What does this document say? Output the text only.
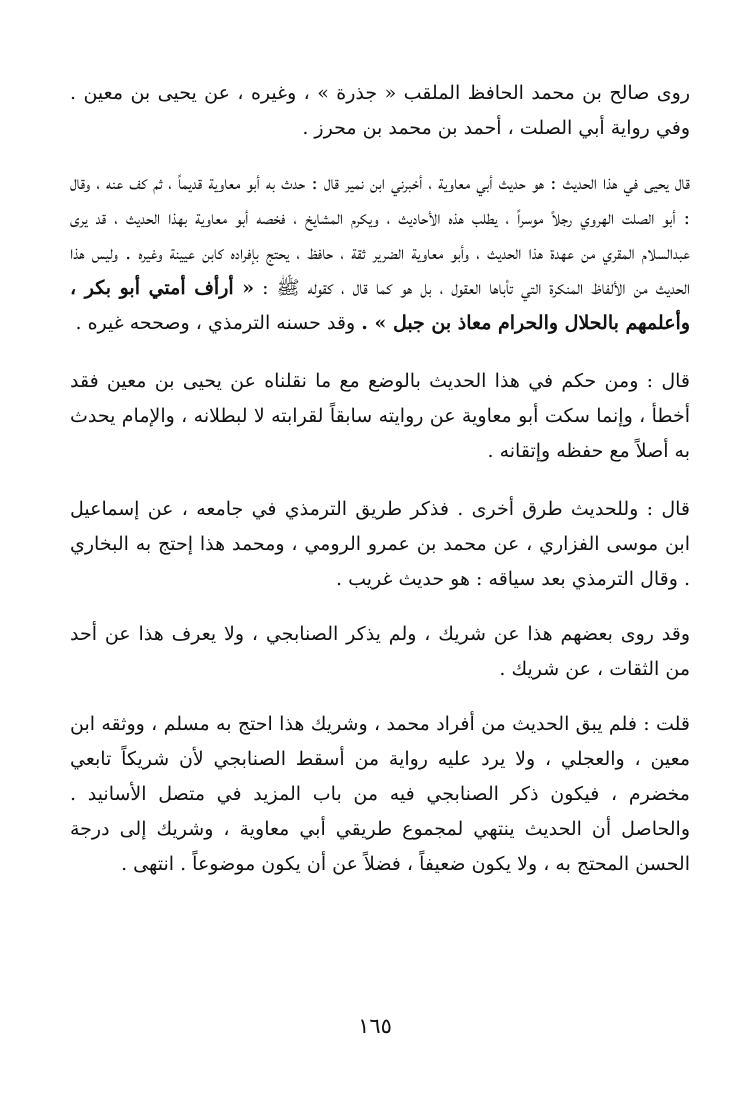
روى صالح بن محمد الحافظ الملقب « جذرة » ، وغيره ، عن يحيى بن معين . وفي رواية أبي الصلت ، أحمد بن محمد بن محرز .

قال يحيى في هذا الحديث : هو حديث أبي معاوية ، أخبرني ابن نمير قال : حدث به أبو معاوية قديماً ، ثم كف عنه ، وقال : أبو الصلت الهروي رجلاً موسراً ، يطلب هذه الأحاديث ، ويكرم المشايخ ، فخصه أبو معاوية بهذا الحديث ، قد يرى عبدالسلام المقري من عهدة هذا الحديث ، وأبو معاوية الضرير ثقة ، حافظ ، يحتج بإفراده كابن عيينة وغيره . وليس هذا الحديث من الألفاظ المنكرة التي تأباها العقول ، بل هو كما قال ، كقوله ﷺ : « أرأف أمتي أبو بكر ، وأعلمهم بالحلال والحرام معاذ بن جبل » . وقد حسنه الترمذي ، وصححه غيره .

قال : ومن حكم في هذا الحديث بالوضع مع ما نقلناه عن يحيى بن معين فقد أخطأ ، وإنما سكت أبو معاوية عن روايته سابقاً لقرابته لا لبطلانه ، والإمام يحدث به أصلاً مع حفظه وإتقانه .

قال : وللحديث طرق أخرى . فذكر طريق الترمذي في جامعه ، عن إسماعيل ابن موسى الفزاري ، عن محمد بن عمرو الرومي ، ومحمد هذا إحتج به البخاري . وقال الترمذي بعد سياقه : هو حديث غريب .

وقد روى بعضهم هذا عن شريك ، ولم يذكر الصنابجي ، ولا يعرف هذا عن أحد من الثقات ، عن شريك .

قلت : فلم يبق الحديث من أفراد محمد ، وشريك هذا احتج به مسلم ، ووثقه ابن معين ، والعجلي ، ولا يرد عليه رواية من أسقط الصنابجي لأن شريكاً تابعي مخضرم ، فيكون ذكر الصنابجي فيه من باب المزيد في متصل الأسانيد . والحاصل أن الحديث ينتهي لمجموع طريقي أبي معاوية ، وشريك إلى درجة الحسن المحتج به ، ولا يكون ضعيفاً ، فضلاً عن أن يكون موضوعاً . انتهى .

١٦٥
